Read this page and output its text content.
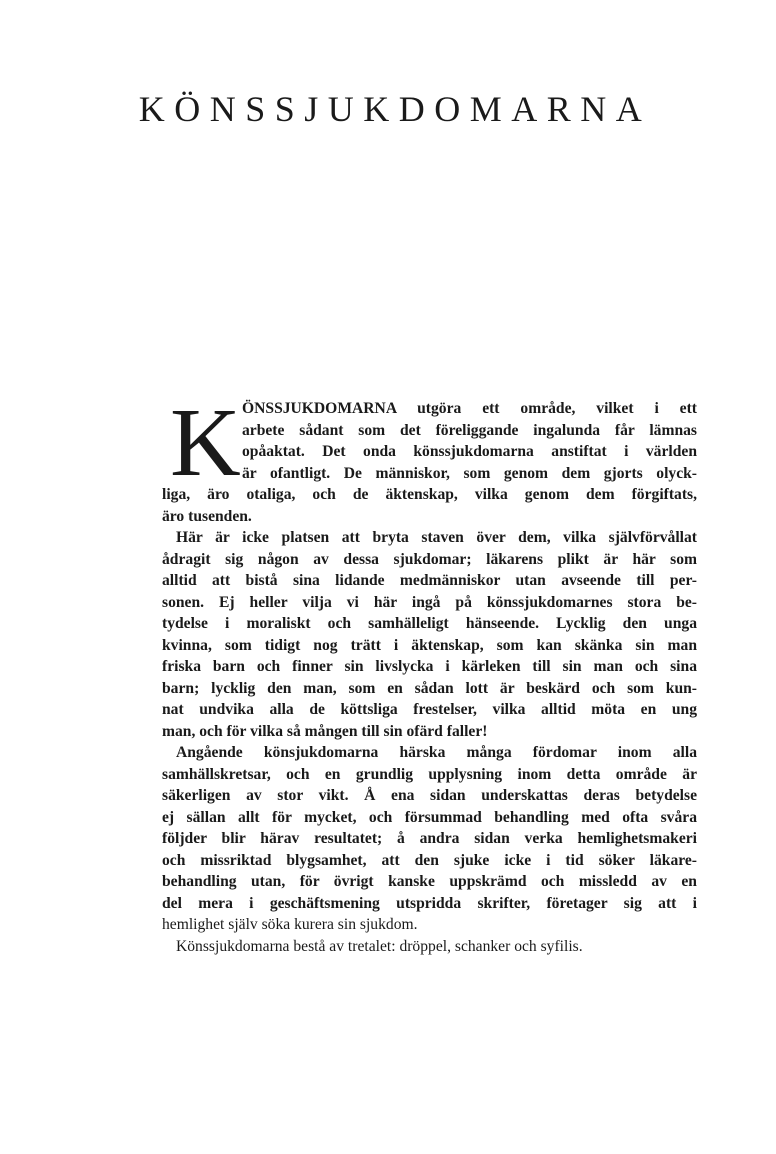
KÖNSSJUKDOMARNA
K ÖNSSJUKDOMARNA utgöra ett område, vilket i ett
arbete sådant som det föreliggande ingalunda får lämnas
opåaktat. Det onda könssjukdomarna anstiftat i världen
är ofantligt. De människor, som genom dem gjorts olyck-
liga, äro otaliga, och de äktenskap, vilka genom dem förgiftats,
äro tusenden.
Här är icke platsen att bryta staven över dem, vilka självförvållat
ådragit sig någon av dessa sjukdomar; läkarens plikt är här som
alltid att bistå sina lidande medmänniskor utan avseende till per-
sonen. Ej heller vilja vi här ingå på könssjukdomarnes stora be-
tydelse i moraliskt och samhälleligt hänseende. Lycklig den unga
kvinna, som tidigt nog trätt i äktenskap, som kan skänka sin man
friska barn och finner sin livslycka i kärleken till sin man och sina
barn; lycklig den man, som en sådan lott är beskärd och som kun-
nat undvika alla de köttsliga frestelser, vilka alltid möta en ung
man, och för vilka så mången till sin ofärd faller!
Angående könsjukdomarna härska många fördomar inom alla
samhällskretsar, och en grundlig upplysning inom detta område är
säkerligen av stor vikt. Å ena sidan underskattas deras betydelse
ej sällan allt för mycket, och försummad behandling med ofta svåra
följder blir härav resultatet; å andra sidan verka hemlighetsmakeri
och missriktad blygsamhet, att den sjuke icke i tid söker läkare-
behandling utan, för övrigt kanske uppskrämd och missledd av en
del mera i geschäftsmening utspridda skrifter, företager sig att i
hemlighet själv söka kurera sin sjukdom.
Könssjukdomarna bestå av tretalet: dröppel, schanker och syfilis.
